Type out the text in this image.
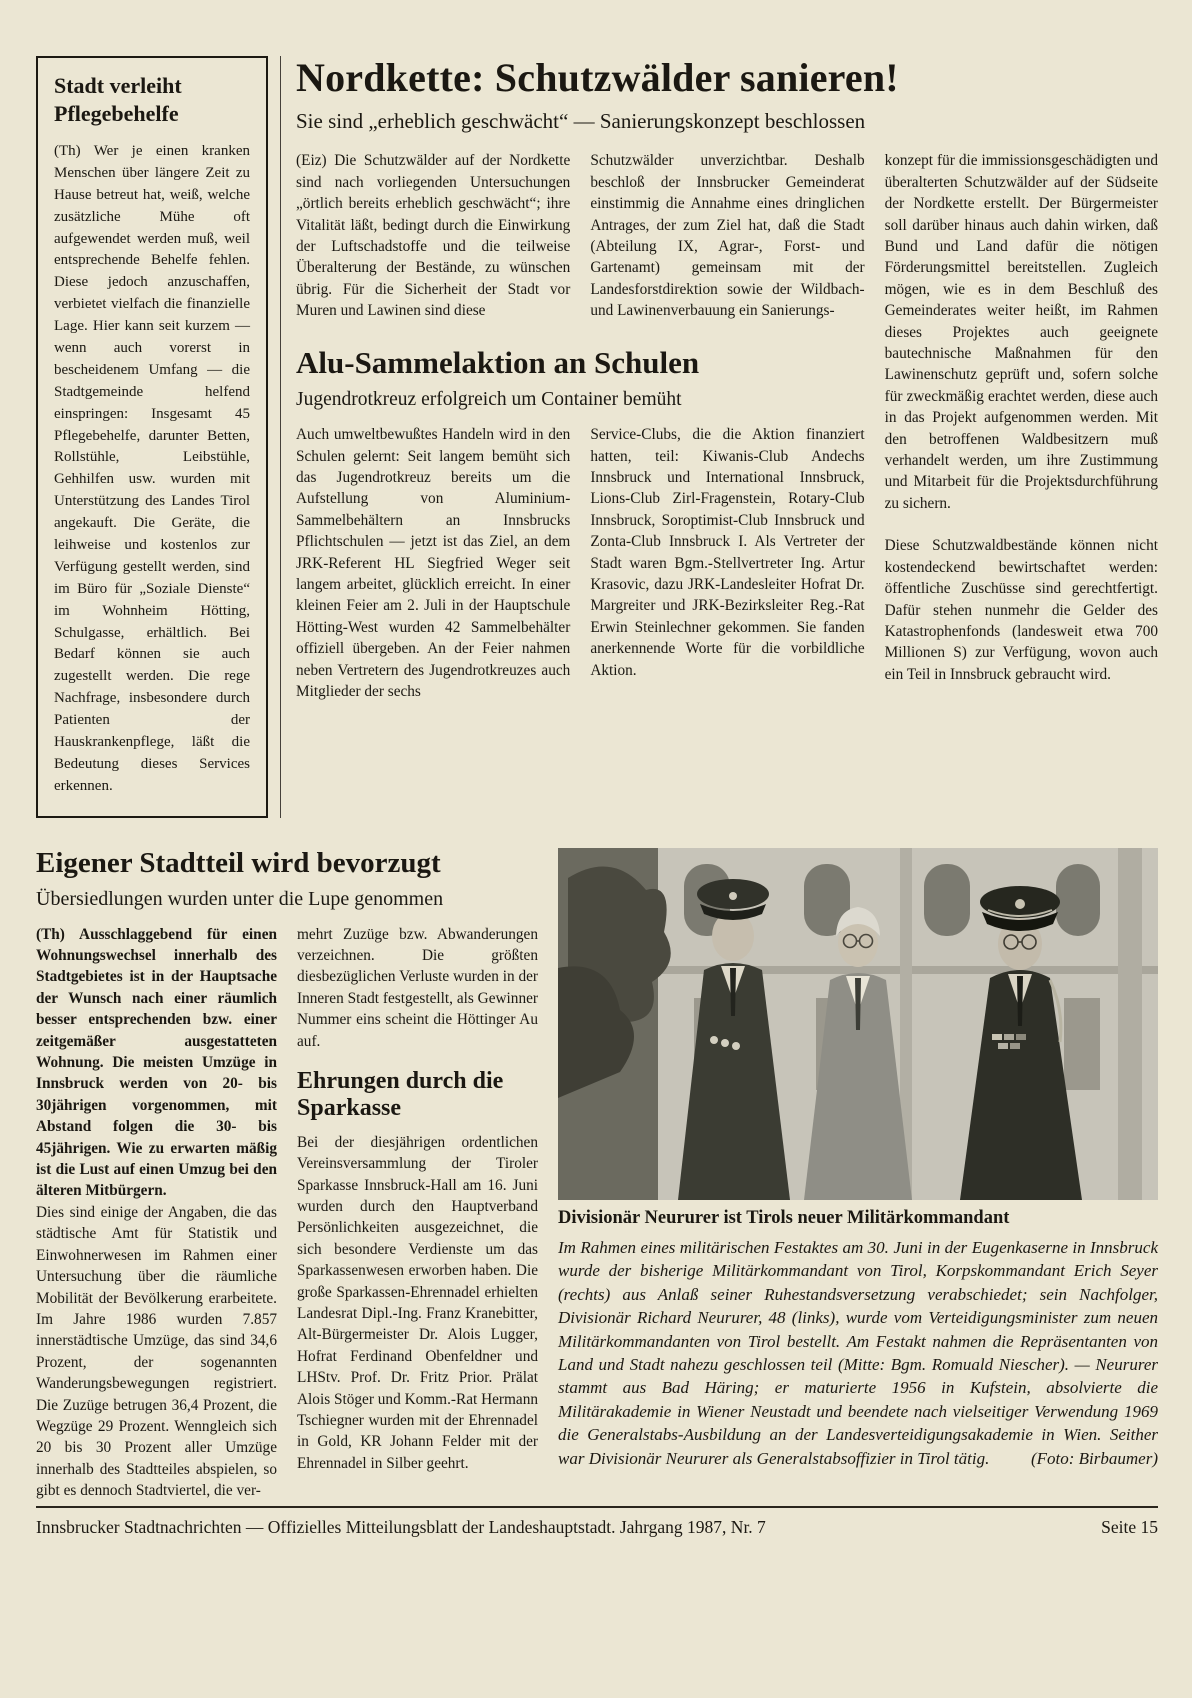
Stadt verleiht
Pflegebehelfe

(Th) Wer je einen kranken Menschen über längere Zeit zu Hause betreut hat, weiß, welche zusätzliche Mühe oft aufgewendet werden muß, weil entsprechende Behelfe fehlen. Diese jedoch anzuschaffen, verbietet vielfach die finanzielle Lage. Hier kann seit kurzem — wenn auch vorerst in bescheidenem Umfang — die Stadtgemeinde helfend einspringen: Insgesamt 45 Pflegebehelfe, darunter Betten, Rollstühle, Leibstühle, Gehhilfen usw. wurden mit Unterstützung des Landes Tirol angekauft. Die Geräte, die leihweise und kostenlos zur Verfügung gestellt werden, sind im Büro für „Soziale Dienste“ im Wohnheim Hötting, Schulgasse, erhältlich. Bei Bedarf können sie auch zugestellt werden. Die rege Nachfrage, insbesondere durch Patienten der Hauskrankenpflege, läßt die Bedeutung dieses Services erkennen.

Nordkette: Schutzwälder sanieren!
Sie sind „erheblich geschwächt“ — Sanierungskonzept beschlossen

(Eiz) Die Schutzwälder auf der Nordkette sind nach vorliegenden Untersuchungen „örtlich bereits erheblich geschwächt“; ihre Vitalität läßt, bedingt durch die Einwirkung der Luftschadstoffe und die teilweise Überalterung der Bestände, zu wünschen übrig. Für die Sicherheit der Stadt vor Muren und Lawinen sind diese

Schutzwälder unverzichtbar. Deshalb beschloß der Innsbrucker Gemeinderat einstimmig die Annahme eines dringlichen Antrages, der zum Ziel hat, daß die Stadt (Abteilung IX, Agrar-, Forst- und Gartenamt) gemeinsam mit der Landesforstdirektion sowie der Wildbach- und Lawinenverbauung ein Sanierungs-

Alu-Sammelaktion an Schulen
Jugendrotkreuz erfolgreich um Container bemüht

Auch umweltbewußtes Handeln wird in den Schulen gelernt: Seit langem bemüht sich das Jugendrotkreuz bereits um die Aufstellung von Aluminium-Sammelbehältern an Innsbrucks Pflichtschulen — jetzt ist das Ziel, an dem JRK-Referent HL Siegfried Weger seit langem arbeitet, glücklich erreicht. In einer kleinen Feier am 2. Juli in der Hauptschule Hötting-West wurden 42 Sammelbehälter offiziell übergeben. An der Feier nahmen neben Vertretern des Jugendrotkreuzes auch Mitglieder der sechs

Service-Clubs, die die Aktion finanziert hatten, teil: Kiwanis-Club Andechs Innsbruck und International Innsbruck, Lions-Club Zirl-Fragenstein, Rotary-Club Innsbruck, Soroptimist-Club Innsbruck und Zonta-Club Innsbruck I. Als Vertreter der Stadt waren Bgm.-Stellvertreter Ing. Artur Krasovic, dazu JRK-Landesleiter Hofrat Dr. Margreiter und JRK-Bezirksleiter Reg.-Rat Erwin Steinlechner gekommen. Sie fanden anerkennende Worte für die vorbildliche Aktion.

konzept für die immissionsgeschädigten und überalterten Schutzwälder auf der Südseite der Nordkette erstellt. Der Bürgermeister soll darüber hinaus auch dahin wirken, daß Bund und Land dafür die nötigen Förderungsmittel bereitstellen. Zugleich mögen, wie es in dem Beschluß des Gemeinderates weiter heißt, im Rahmen dieses Projektes auch geeignete bautechnische Maßnahmen für den Lawinenschutz geprüft und, sofern solche für zweckmäßig erachtet werden, diese auch in das Projekt aufgenommen werden. Mit den betroffenen Waldbesitzern muß verhandelt werden, um ihre Zustimmung und Mitarbeit für die Projektsdurchführung zu sichern.

Diese Schutzwaldbestände können nicht kostendeckend bewirtschaftet werden: öffentliche Zuschüsse sind gerechtfertigt. Dafür stehen nunmehr die Gelder des Katastrophenfonds (landesweit etwa 700 Millionen S) zur Verfügung, wovon auch ein Teil in Innsbruck gebraucht wird.

Eigener Stadtteil wird bevorzugt
Übersiedlungen wurden unter die Lupe genommen

(Th) Ausschlaggebend für einen Wohnungswechsel innerhalb des Stadtgebietes ist in der Hauptsache der Wunsch nach einer räumlich besser entsprechenden bzw. einer zeitgemäßer ausgestatteten Wohnung. Die meisten Umzüge in Innsbruck werden von 20- bis 30jährigen vorgenommen, mit Abstand folgen die 30- bis 45jährigen. Wie zu erwarten mäßig ist die Lust auf einen Umzug bei den älteren Mitbürgern.

Dies sind einige der Angaben, die das städtische Amt für Statistik und Einwohnerwesen im Rahmen einer Untersuchung über die räumliche Mobilität der Bevölkerung erarbeitete. Im Jahre 1986 wurden 7.857 innerstädtische Umzüge, das sind 34,6 Prozent, der sogenannten Wanderungsbewegungen registriert. Die Zuzüge betrugen 36,4 Prozent, die Wegzüge 29 Prozent. Wenngleich sich 20 bis 30 Prozent aller Umzüge innerhalb des Stadtteiles abspielen, so gibt es dennoch Stadtviertel, die ver-

mehrt Zuzüge bzw. Abwanderungen verzeichnen. Die größten diesbezüglichen Verluste wurden in der Inneren Stadt festgestellt, als Gewinner Nummer eins scheint die Höttinger Au auf.

Ehrungen durch die Sparkasse

Bei der diesjährigen ordentlichen Vereinsversammlung der Tiroler Sparkasse Innsbruck-Hall am 16. Juni wurden durch den Hauptverband Persönlichkeiten ausgezeichnet, die sich besondere Verdienste um das Sparkassenwesen erworben haben. Die große Sparkassen-Ehrennadel erhielten Landesrat Dipl.-Ing. Franz Kranebitter, Alt-Bürgermeister Dr. Alois Lugger, Hofrat Ferdinand Obenfeldner und LHStv. Prof. Dr. Fritz Prior. Prälat Alois Stöger und Komm.-Rat Hermann Tschiegner wurden mit der Ehrennadel in Gold, KR Johann Felder mit der Ehrennadel in Silber geehrt.

Divisionär Neururer ist Tirols neuer Militärkommandant

Im Rahmen eines militärischen Festaktes am 30. Juni in der Eugenkaserne in Innsbruck wurde der bisherige Militärkommandant von Tirol, Korpskommandant Erich Seyer (rechts) aus Anlaß seiner Ruhestandsversetzung verabschiedet; sein Nachfolger, Divisionär Richard Neururer, 48 (links), wurde vom Verteidigungsminister zum neuen Militärkommandanten von Tirol bestellt. Am Festakt nahmen die Repräsentanten von Land und Stadt nahezu geschlossen teil (Mitte: Bgm. Romuald Niescher). — Neururer stammt aus Bad Häring; er maturierte 1956 in Kufstein, absolvierte die Militärakademie in Wiener Neustadt und beendete nach vielseitiger Verwendung 1969 die Generalstabs-Ausbildung an der Landesverteidigungsakademie in Wien. Seither war Divisionär Neururer als Generalstabsoffizier in Tirol tätig.	(Foto: Birbaumer)

Innsbrucker Stadtnachrichten — Offizielles Mitteilungsblatt der Landeshauptstadt. Jahrgang 1987, Nr. 7	Seite 15
